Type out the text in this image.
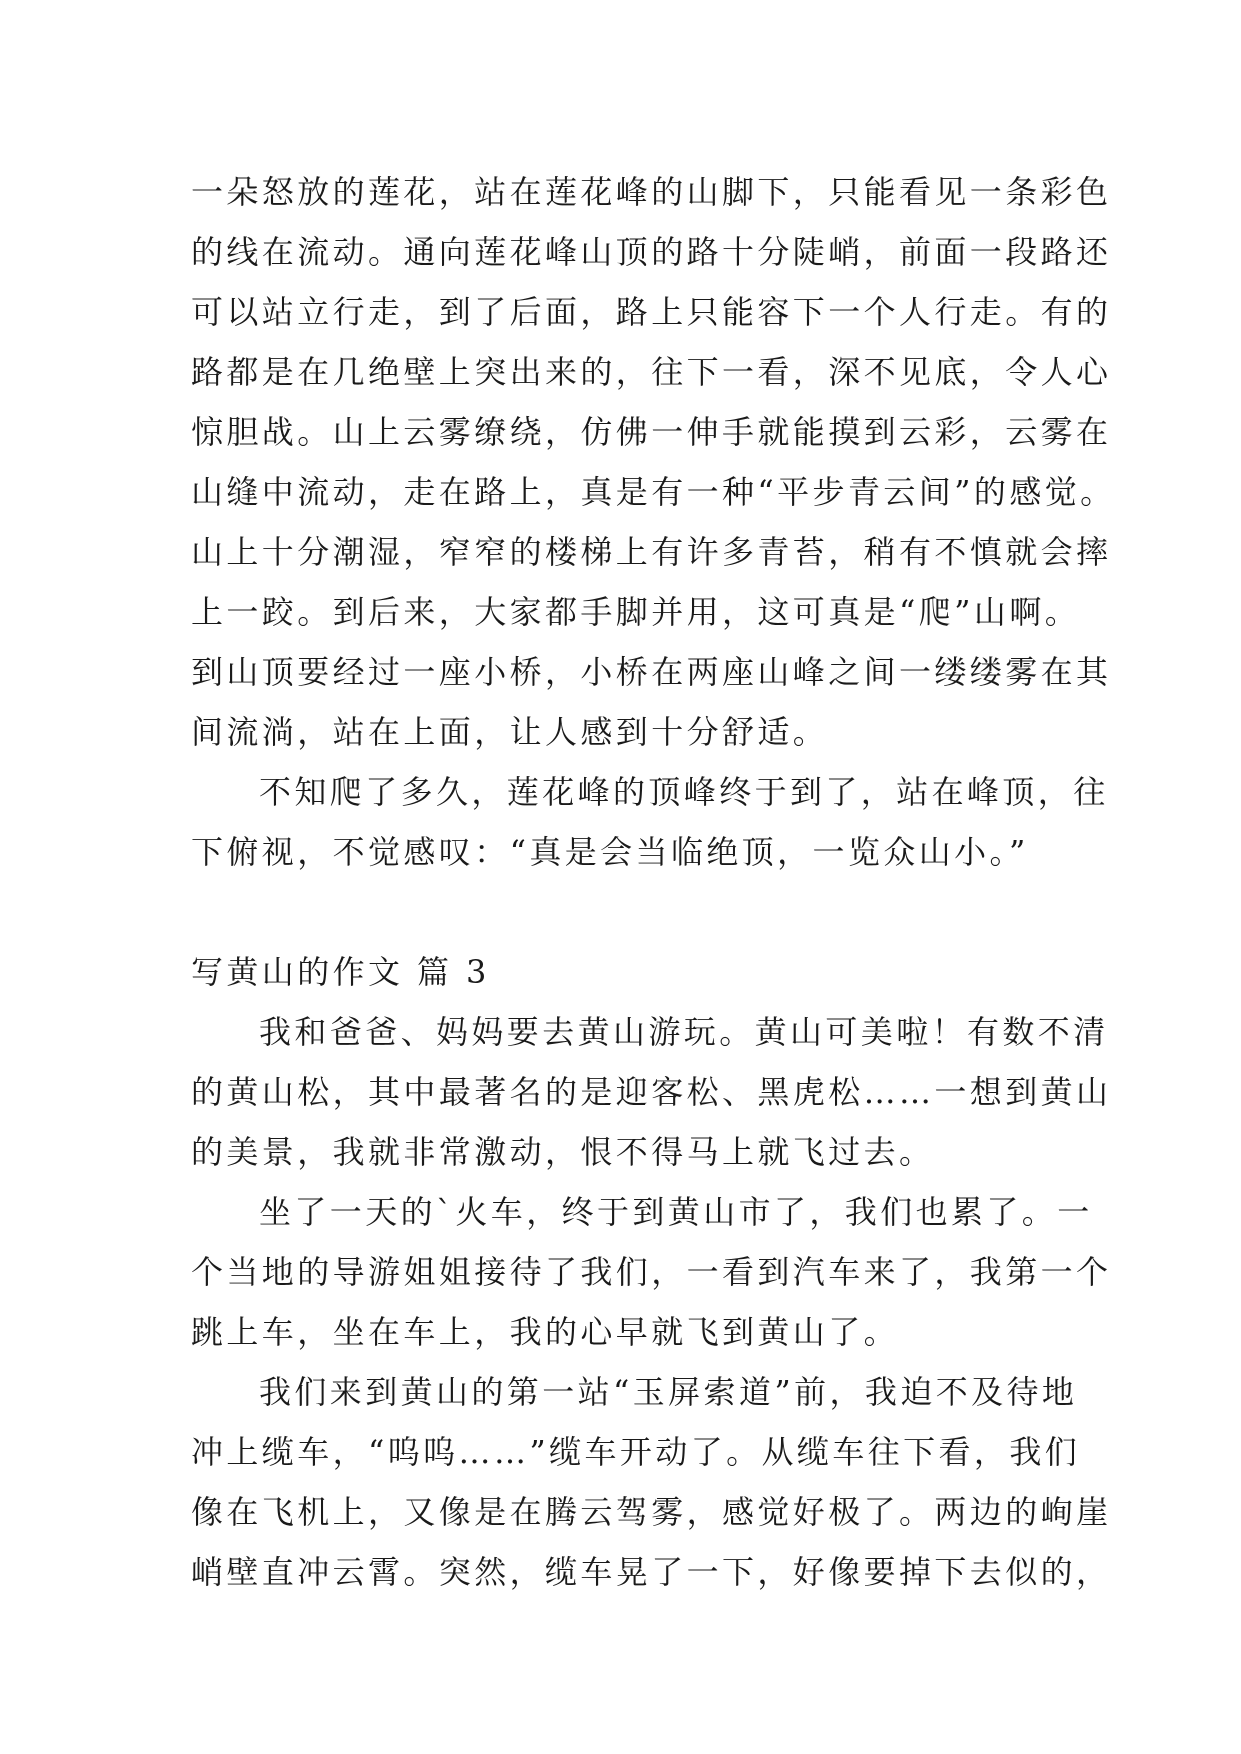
一朵怒放的莲花，站在莲花峰的山脚下，只能看见一条彩色
的线在流动。通向莲花峰山顶的路十分陡峭，前面一段路还
可以站立行走，到了后面，路上只能容下一个人行走。有的
路都是在几绝壁上突出来的，往下一看，深不见底，令人心
惊胆战。山上云雾缭绕，仿佛一伸手就能摸到云彩，云雾在
山缝中流动，走在路上，真是有一种“平步青云间”的感觉。
山上十分潮湿，窄窄的楼梯上有许多青苔，稍有不慎就会摔
上一跤。到后来，大家都手脚并用，这可真是“爬”山啊。
到山顶要经过一座小桥，小桥在两座山峰之间一缕缕雾在其
间流淌，站在上面，让人感到十分舒适。
不知爬了多久，莲花峰的顶峰终于到了，站在峰顶，往
下俯视，不觉感叹：“真是会当临绝顶，一览众山小。”
写黄山的作文 篇 3
我和爸爸、妈妈要去黄山游玩。黄山可美啦！有数不清
的黄山松，其中最著名的是迎客松、黑虎松……一想到黄山
的美景，我就非常激动，恨不得马上就飞过去。
坐了一天的`火车，终于到黄山市了，我们也累了。一
个当地的导游姐姐接待了我们，一看到汽车来了，我第一个
跳上车，坐在车上，我的心早就飞到黄山了。
我们来到黄山的第一站“玉屏索道”前，我迫不及待地
冲上缆车，“呜呜……”缆车开动了。从缆车往下看，我们
像在飞机上，又像是在腾云驾雾，感觉好极了。两边的峋崖
峭壁直冲云霄。突然，缆车晃了一下，好像要掉下去似的，
